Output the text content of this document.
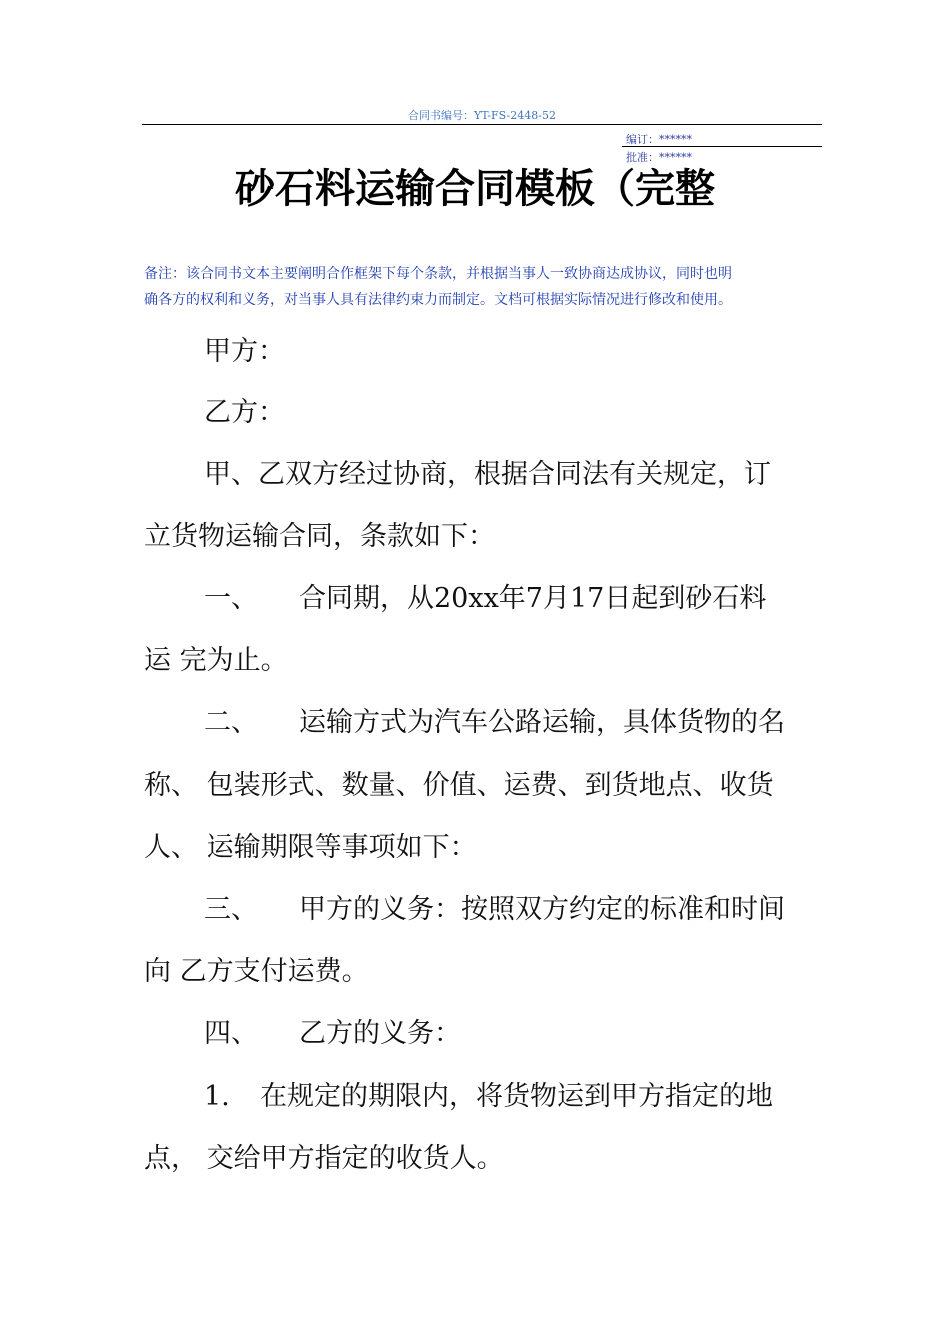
合同书编号：YT-FS-2448-52
编订：******
批准：******
砂石料运输合同模板（完整
备注：该合同书文本主要阐明合作框架下每个条款，并根据当事人一致协商达成协议，同时也明
确各方的权利和义务，对当事人具有法律约束力而制定。文档可根据实际情况进行修改和使用。
甲方：
乙方：
甲、乙双方经过协商，根据合同法有关规定，订
立货物运输合同，条款如下：
一、 合同期，从20xx年7月17日起到砂石料
运 完为止。
二、 运输方式为汽车公路运输，具体货物的名
称、 包装形式、数量、价值、运费、到货地点、收货
人、 运输期限等事项如下：
三、 甲方的义务：按照双方约定的标准和时间
向 乙方支付运费。
四、 乙方的义务：
1. 在规定的期限内，将货物运到甲方指定的地
点， 交给甲方指定的收货人。
